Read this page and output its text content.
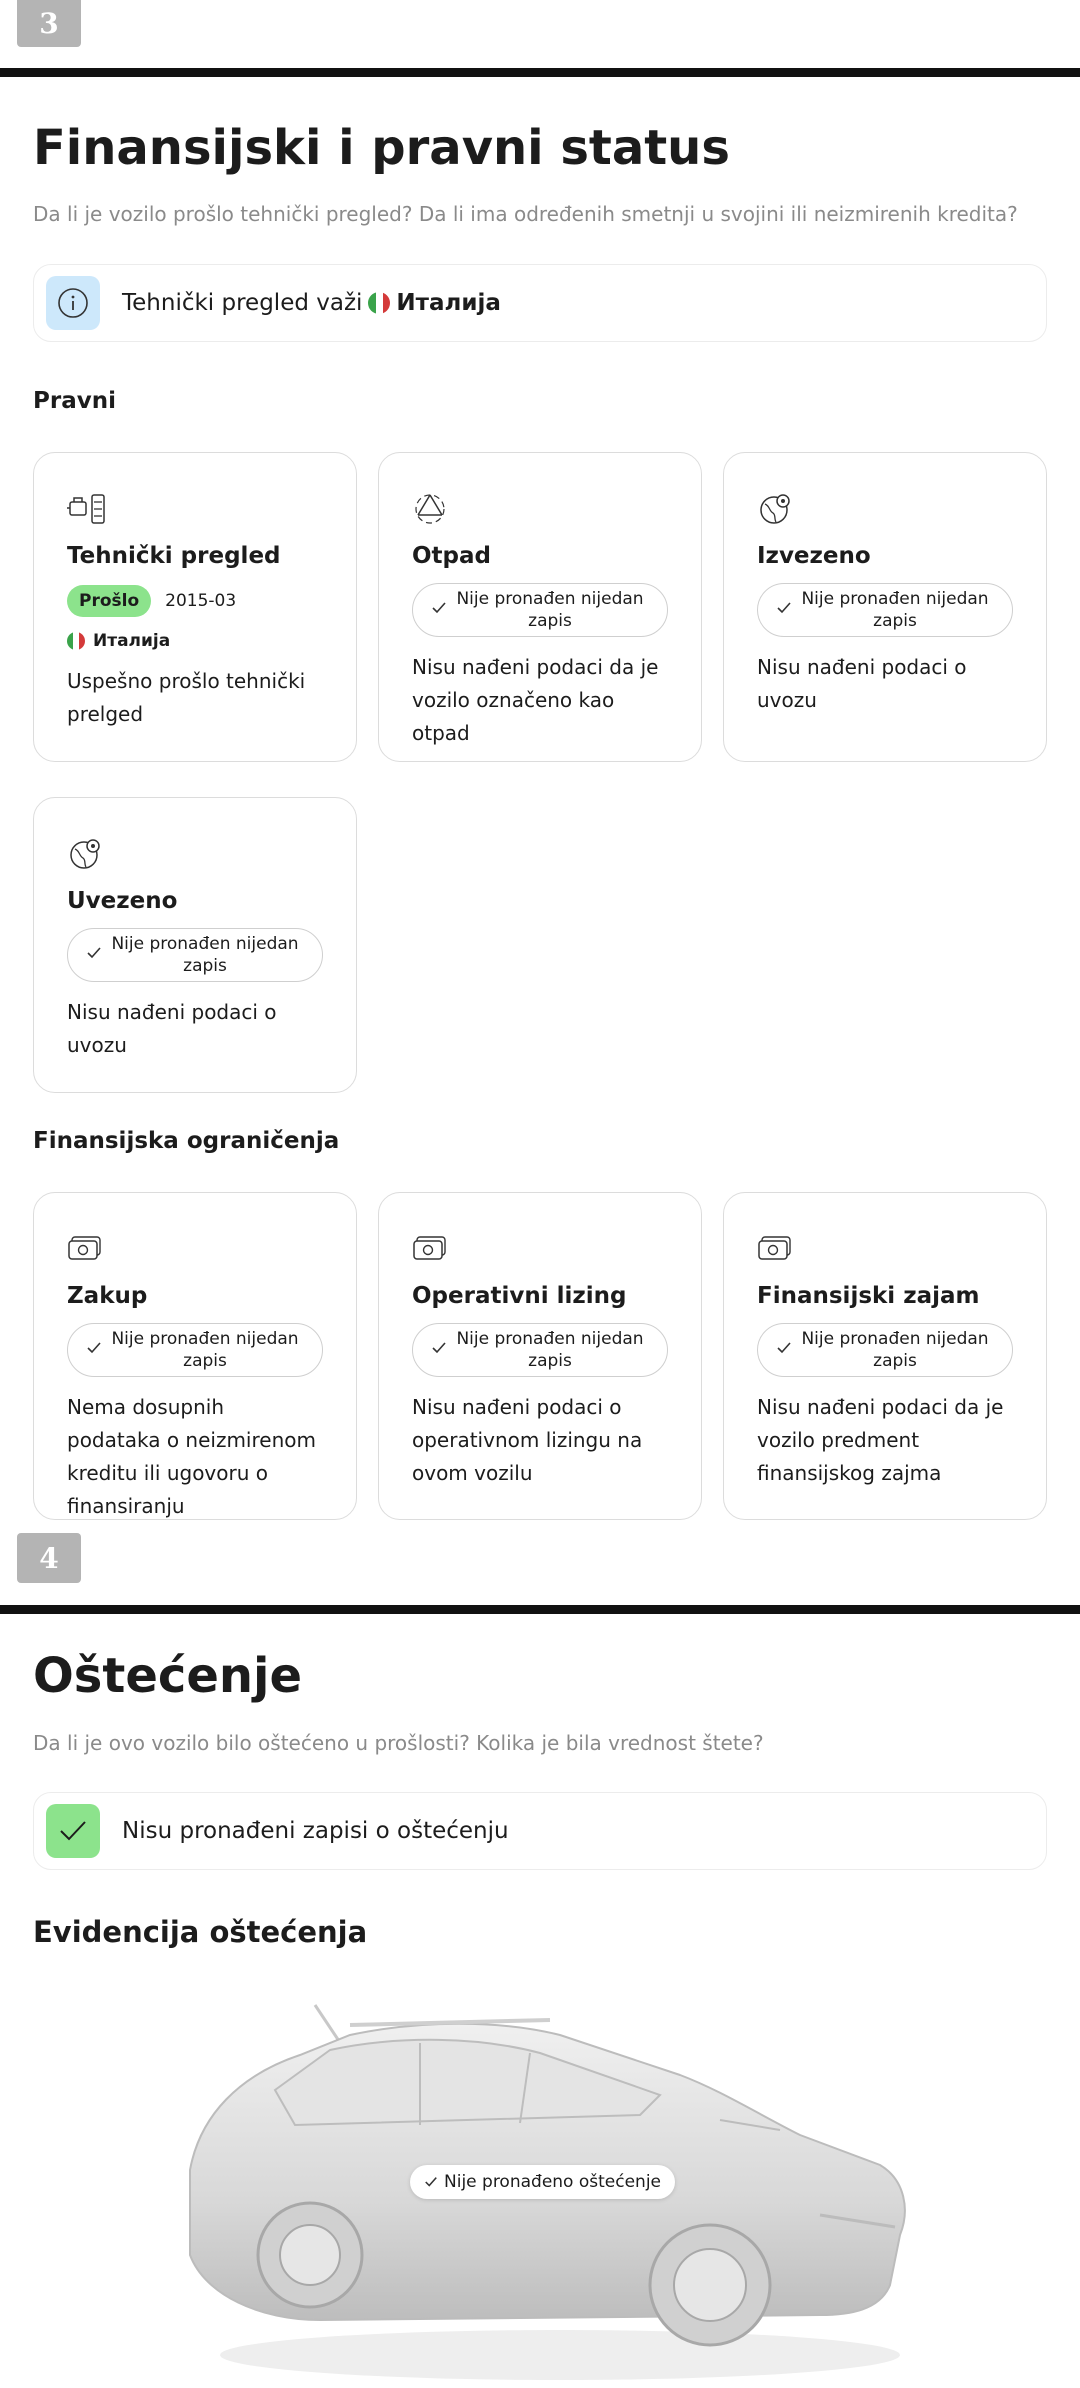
3
Finansijski i pravni status
Da li je vozilo prošlo tehnički pregled? Da li ima određenih smetnji u svojini ili neizmirenih kredita?
Tehnički pregled važi Италија
Pravni
Tehnički pregled
Prošlo	2015-03
Италија
Uspešno prošlo tehnički prelged
Otpad
Nije pronađen nijedan zapis
Nisu nađeni podaci da je vozilo označeno kao otpad
Izvezeno
Nije pronađen nijedan zapis
Nisu nađeni podaci o uvozu
Uvezeno
Nije pronađen nijedan zapis
Nisu nađeni podaci o uvozu
Finansijska ograničenja
Zakup
Nije pronađen nijedan zapis
Nema dosupnih podataka o neizmirenom kreditu ili ugovoru o finansiranju
Operativni lizing
Nije pronađen nijedan zapis
Nisu nađeni podaci o operativnom lizingu na ovom vozilu
Finansijski zajam
Nije pronađen nijedan zapis
Nisu nađeni podaci da je vozilo predment finansijskog zajma
4
Oštećenje
Da li je ovo vozilo bilo oštećeno u prošlosti? Kolika je bila vrednost štete?
Nisu pronađeni zapisi o oštećenju
Evidencija oštećenja
Nije pronađeno oštećenje
